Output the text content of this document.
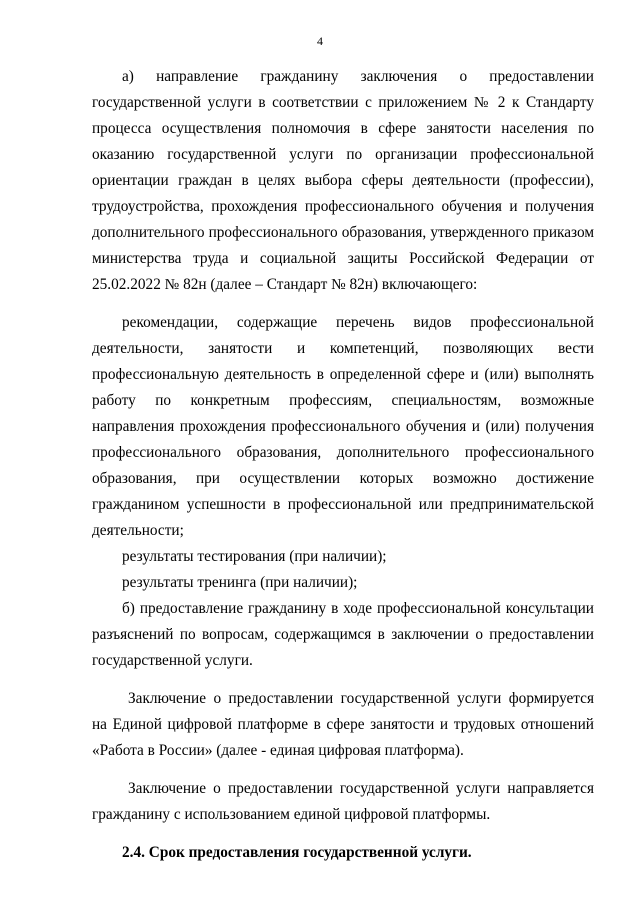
4

а) направление гражданину заключения о предоставлении государственной услуги в соответствии с приложением № 2 к Стандарту процесса осуществления полномочия в сфере занятости населения по оказанию государственной услуги по организации профессиональной ориентации граждан в целях выбора сферы деятельности (профессии), трудоустройства, прохождения профессионального обучения и получения дополнительного профессионального образования, утвержденного приказом министерства труда и социальной защиты Российской Федерации от 25.02.2022 № 82н (далее – Стандарт № 82н) включающего:

рекомендации, содержащие перечень видов профессиональной деятельности, занятости и компетенций, позволяющих вести профессиональную деятельность в определенной сфере и (или) выполнять работу по конкретным профессиям, специальностям, возможные направления прохождения профессионального обучения и (или) получения профессионального образования, дополнительного профессионального образования, при осуществлении которых возможно достижение гражданином успешности в профессиональной или предпринимательской деятельности;

результаты тестирования (при наличии);

результаты тренинга (при наличии);

б) предоставление гражданину в ходе профессиональной консультации разъяснений по вопросам, содержащимся в заключении о предоставлении государственной услуги.

Заключение о предоставлении государственной услуги формируется на Единой цифровой платформе в сфере занятости и трудовых отношений «Работа в России» (далее - единая цифровая платформа).

Заключение о предоставлении государственной услуги направляется гражданину с использованием единой цифровой платформы.

2.4. Срок предоставления государственной услуги.
